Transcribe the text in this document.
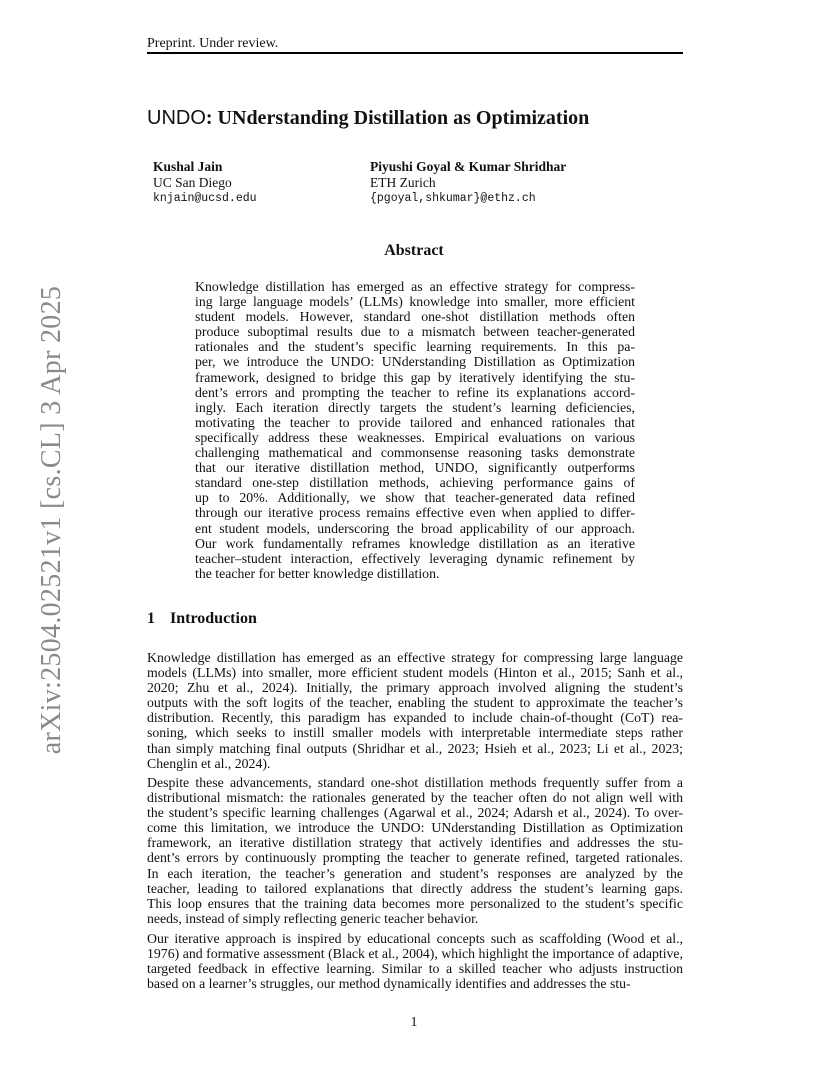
Preprint. Under review.
arXiv:2504.02521v1 [cs.CL] 3 Apr 2025
UNDO: UNderstanding Distillation as Optimization
Kushal Jain
UC San Diego
knjain@ucsd.edu
Piyushi Goyal & Kumar Shridhar
ETH Zurich
{pgoyal,shkumar}@ethz.ch
Abstract
Knowledge distillation has emerged as an effective strategy for compress-
ing large language models’ (LLMs) knowledge into smaller, more efficient
student models. However, standard one-shot distillation methods often
produce suboptimal results due to a mismatch between teacher-generated
rationales and the student’s specific learning requirements. In this pa-
per, we introduce the UNDO: UNderstanding Distillation as Optimization
framework, designed to bridge this gap by iteratively identifying the stu-
dent’s errors and prompting the teacher to refine its explanations accord-
ingly. Each iteration directly targets the student’s learning deficiencies,
motivating the teacher to provide tailored and enhanced rationales that
specifically address these weaknesses. Empirical evaluations on various
challenging mathematical and commonsense reasoning tasks demonstrate
that our iterative distillation method, UNDO, significantly outperforms
standard one-step distillation methods, achieving performance gains of
up to 20%. Additionally, we show that teacher-generated data refined
through our iterative process remains effective even when applied to differ-
ent student models, underscoring the broad applicability of our approach.
Our work fundamentally reframes knowledge distillation as an iterative
teacher–student interaction, effectively leveraging dynamic refinement by
the teacher for better knowledge distillation.
1 Introduction
Knowledge distillation has emerged as an effective strategy for compressing large language
models (LLMs) into smaller, more efficient student models (Hinton et al., 2015; Sanh et al.,
2020; Zhu et al., 2024). Initially, the primary approach involved aligning the student’s
outputs with the soft logits of the teacher, enabling the student to approximate the teacher’s
distribution. Recently, this paradigm has expanded to include chain-of-thought (CoT) rea-
soning, which seeks to instill smaller models with interpretable intermediate steps rather
than simply matching final outputs (Shridhar et al., 2023; Hsieh et al., 2023; Li et al., 2023;
Chenglin et al., 2024).
Despite these advancements, standard one-shot distillation methods frequently suffer from a
distributional mismatch: the rationales generated by the teacher often do not align well with
the student’s specific learning challenges (Agarwal et al., 2024; Adarsh et al., 2024). To over-
come this limitation, we introduce the UNDO: UNderstanding Distillation as Optimization
framework, an iterative distillation strategy that actively identifies and addresses the stu-
dent’s errors by continuously prompting the teacher to generate refined, targeted rationales.
In each iteration, the teacher’s generation and student’s responses are analyzed by the
teacher, leading to tailored explanations that directly address the student’s learning gaps.
This loop ensures that the training data becomes more personalized to the student’s specific
needs, instead of simply reflecting generic teacher behavior.
Our iterative approach is inspired by educational concepts such as scaffolding (Wood et al.,
1976) and formative assessment (Black et al., 2004), which highlight the importance of adaptive,
targeted feedback in effective learning. Similar to a skilled teacher who adjusts instruction
based on a learner’s struggles, our method dynamically identifies and addresses the stu-
1
